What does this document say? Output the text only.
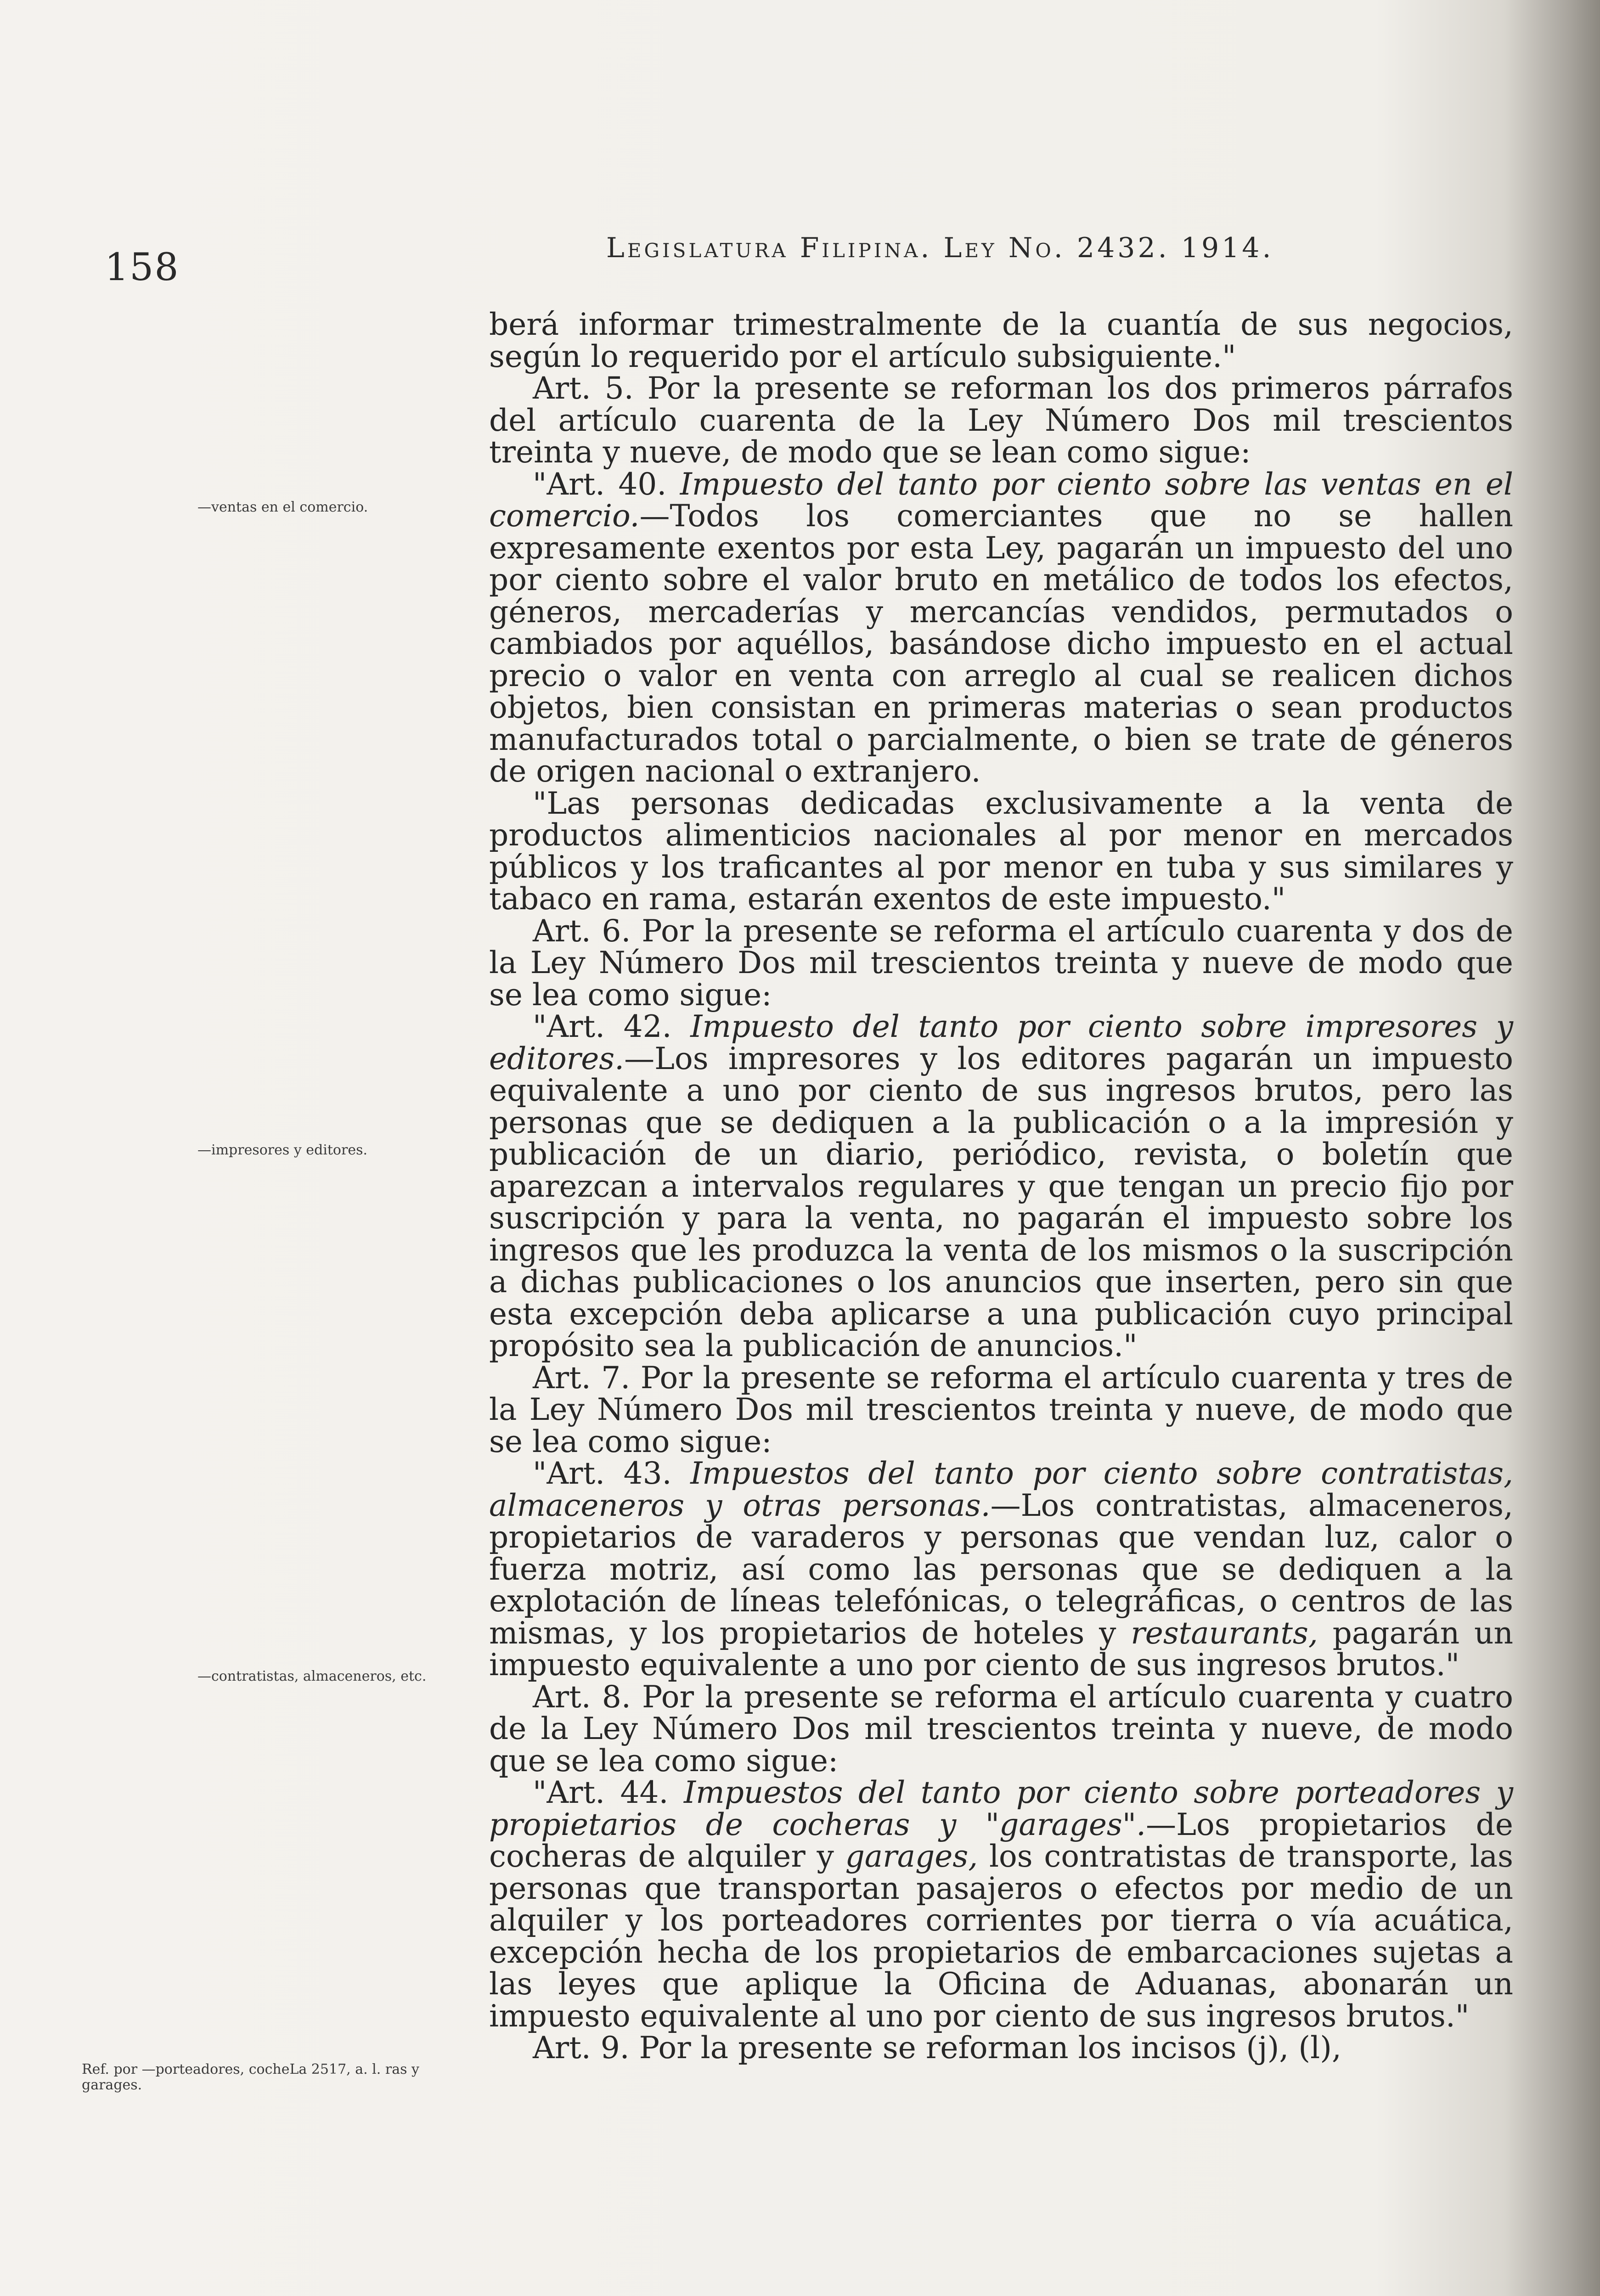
158	Legislatura Filipina. Ley No. 2432. 1914.
—ventas en el comercio.
—impresores y editores.
—contratistas, almaceneros, etc.
Ref. por —porteadores, cocheLa 2517, a. l. ras y garages.

berá informar trimestralmente de la cuantía de sus negocios, según lo requerido por el artículo subsiguiente."

Art. 5. Por la presente se reforman los dos primeros párrafos del artículo cuarenta de la Ley Número Dos mil trescientos treinta y nueve, de modo que se lean como sigue:

"Art. 40. Impuesto del tanto por ciento sobre las ventas en el comercio.—Todos los comerciantes que no se hallen expresamente exentos por esta Ley, pagarán un impuesto del uno por ciento sobre el valor bruto en metálico de todos los efectos, géneros, mercaderías y mercancías vendidos, permutados o cambiados por aquéllos, basándose dicho impuesto en el actual precio o valor en venta con arreglo al cual se realicen dichos objetos, bien consistan en primeras materias o sean productos manufacturados total o parcialmente, o bien se trate de géneros de origen nacional o extranjero.

"Las personas dedicadas exclusivamente a la venta de productos alimenticios nacionales al por menor en mercados públicos y los traficantes al por menor en tuba y sus similares y tabaco en rama, estarán exentos de este impuesto."

Art. 6. Por la presente se reforma el artículo cuarenta y dos de la Ley Número Dos mil trescientos treinta y nueve de modo que se lea como sigue:

"Art. 42. Impuesto del tanto por ciento sobre impresores y editores.—Los impresores y los editores pagarán un impuesto equivalente a uno por ciento de sus ingresos brutos, pero las personas que se dediquen a la publicación o a la impresión y publicación de un diario, periódico, revista, o boletín que aparezcan a intervalos regulares y que tengan un precio fijo por suscripción y para la venta, no pagarán el impuesto sobre los ingresos que les produzca la venta de los mismos o la suscripción a dichas publicaciones o los anuncios que inserten, pero sin que esta excepción deba aplicarse a una publicación cuyo principal propósito sea la publicación de anuncios."

Art. 7. Por la presente se reforma el artículo cuarenta y tres de la Ley Número Dos mil trescientos treinta y nueve, de modo que se lea como sigue:

"Art. 43. Impuestos del tanto por ciento sobre contratistas, almaceneros y otras personas.—Los contratistas, almaceneros, propietarios de varaderos y personas que vendan luz, calor o fuerza motriz, así como las personas que se dediquen a la explotación de líneas telefónicas, o telegráficas, o centros de las mismas, y los propietarios de hoteles y restaurants, pagarán un impuesto equivalente a uno por ciento de sus ingresos brutos."

Art. 8. Por la presente se reforma el artículo cuarenta y cuatro de la Ley Número Dos mil trescientos treinta y nueve, de modo que se lea como sigue:

"Art. 44. Impuestos del tanto por ciento sobre porteadores y propietarios de cocheras y "garages".—Los propietarios de cocheras de alquiler y garages, los contratistas de transporte, las personas que transportan pasajeros o efectos por medio de un alquiler y los porteadores corrientes por tierra o vía acuática, excepción hecha de los propietarios de embarcaciones sujetas a las leyes que aplique la Oficina de Aduanas, abonarán un impuesto equivalente al uno por ciento de sus ingresos brutos."

Art. 9. Por la presente se reforman los incisos (j), (l),
